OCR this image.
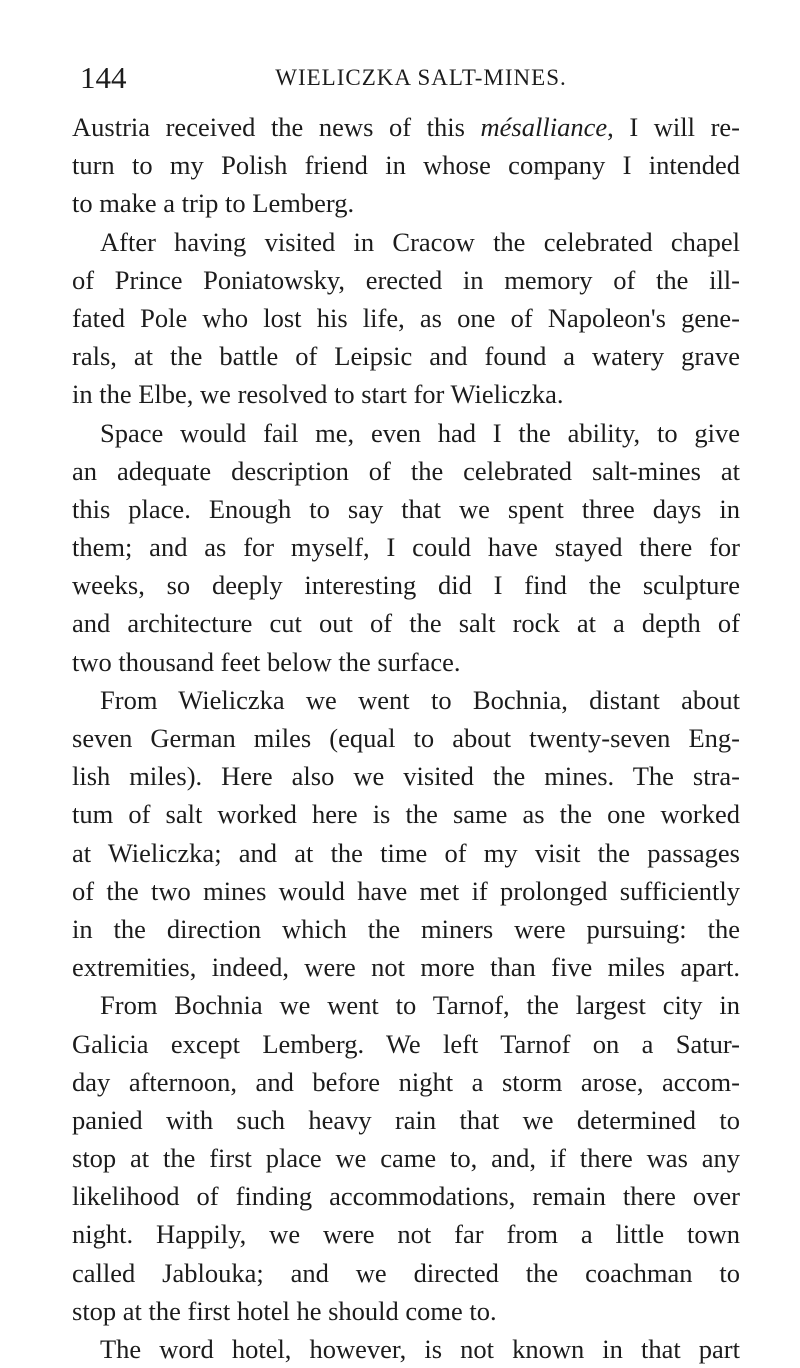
144	WIELICZKA SALT-MINES.
Austria received the news of this mésalliance, I will re-
turn to my Polish friend in whose company I intended
to make a trip to Lemberg.
After having visited in Cracow the celebrated chapel
of Prince Poniatowsky, erected in memory of the ill-
fated Pole who lost his life, as one of Napoleon's gene-
rals, at the battle of Leipsic and found a watery grave
in the Elbe, we resolved to start for Wieliczka.
Space would fail me, even had I the ability, to give
an adequate description of the celebrated salt-mines at
this place. Enough to say that we spent three days in
them; and as for myself, I could have stayed there for
weeks, so deeply interesting did I find the sculpture
and architecture cut out of the salt rock at a depth of
two thousand feet below the surface.
From Wieliczka we went to Bochnia, distant about
seven German miles (equal to about twenty-seven Eng-
lish miles). Here also we visited the mines. The stra-
tum of salt worked here is the same as the one worked
at Wieliczka; and at the time of my visit the passages
of the two mines would have met if prolonged sufficiently
in the direction which the miners were pursuing: the
extremities, indeed, were not more than five miles apart.
From Bochnia we went to Tarnof, the largest city in
Galicia except Lemberg. We left Tarnof on a Satur-
day afternoon, and before night a storm arose, accom-
panied with such heavy rain that we determined to
stop at the first place we came to, and, if there was any
likelihood of finding accommodations, remain there over
night. Happily, we were not far from a little town
called Jablouka; and we directed the coachman to
stop at the first hotel he should come to.
The word hotel, however, is not known in that part
